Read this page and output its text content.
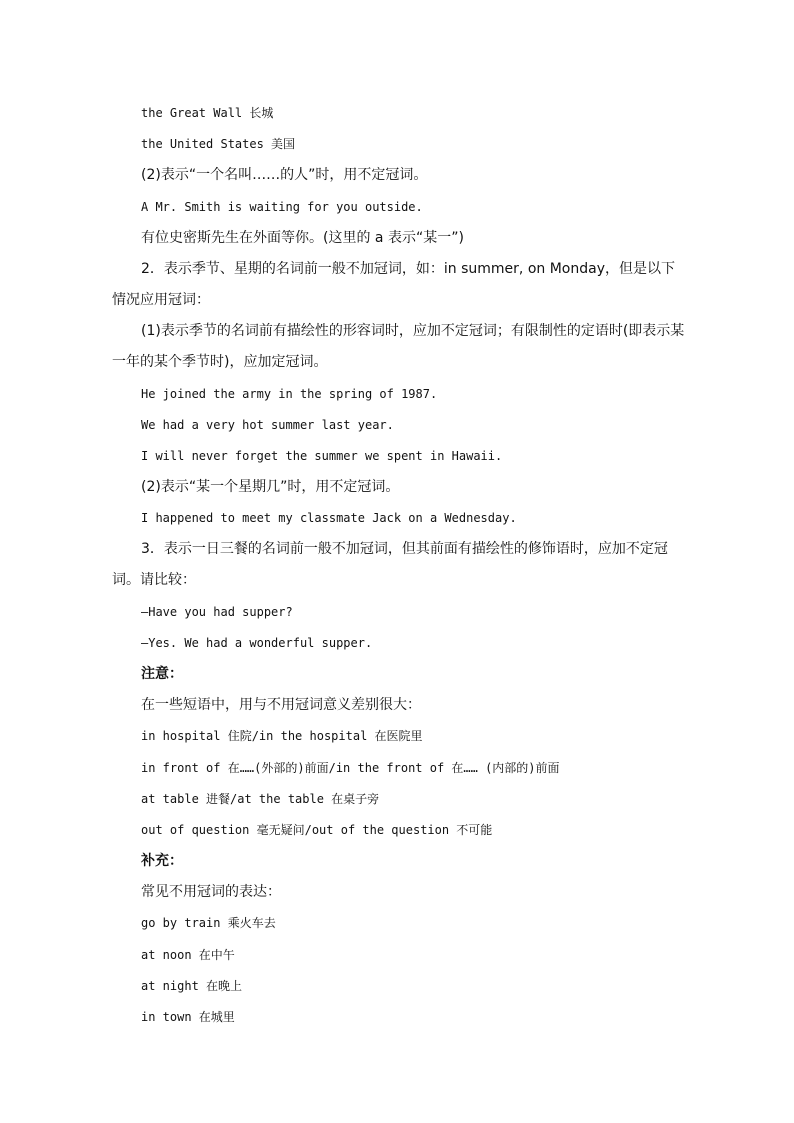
the Great Wall 长城
the United States 美国
(2)表示“一个名叫……的人”时，用不定冠词。
A Mr. Smith is waiting for you outside.
有位史密斯先生在外面等你。(这里的 a 表示“某一”)
2．表示季节、星期的名词前一般不加冠词，如：in summer, on Monday，但是以下情况应用冠词：
(1)表示季节的名词前有描绘性的形容词时，应加不定冠词；有限制性的定语时(即表示某一年的某个季节时)，应加定冠词。
He joined the army in the spring of 1987.
We had a very hot summer last year.
I will never forget the summer we spent in Hawaii.
(2)表示“某一个星期几”时，用不定冠词。
I happened to meet my classmate Jack on a Wednesday.
3．表示一日三餐的名词前一般不加冠词，但其前面有描绘性的修饰语时，应加不定冠词。请比较：
—Have you had supper?
—Yes. We had a wonderful supper.
注意：
在一些短语中，用与不用冠词意义差别很大：
in hospital 住院/in the hospital 在医院里
in front of 在……(外部的)前面/in the front of 在…… (内部的)前面
at table 进餐/at the table 在桌子旁
out of question 毫无疑问/out of the question 不可能
补充：
常见不用冠词的表达：
go by train 乘火车去
at noon 在中午
at night 在晚上
in town 在城里
